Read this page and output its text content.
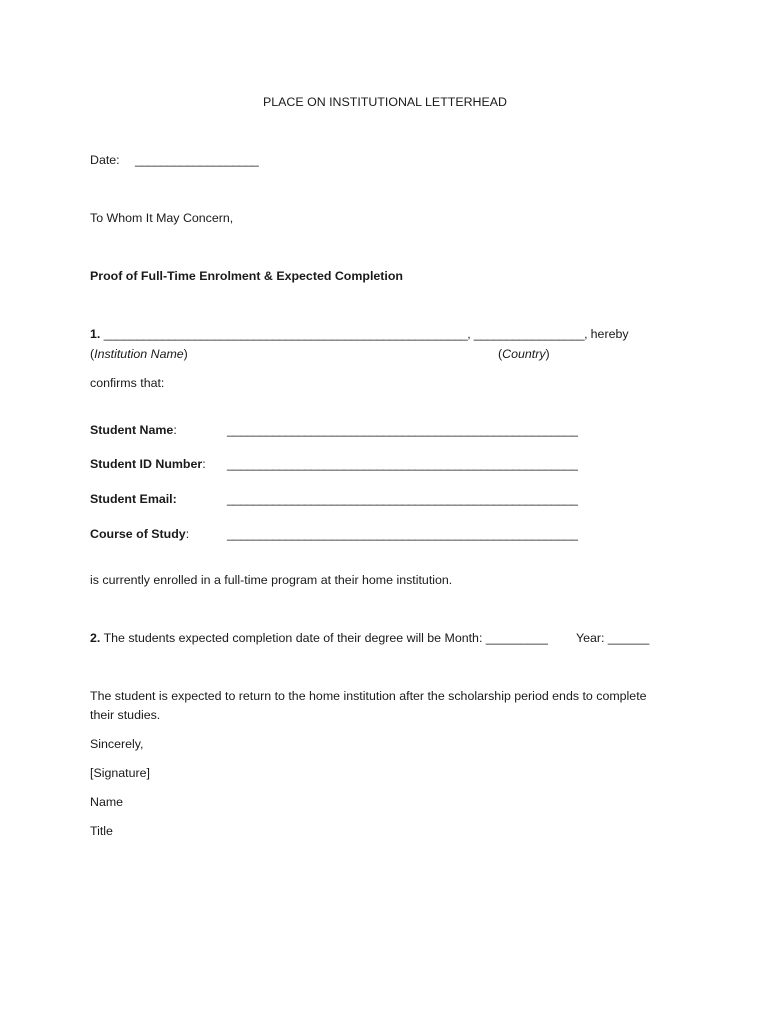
PLACE ON INSTITUTIONAL LETTERHEAD
Date: ___________________
To Whom It May Concern,
Proof of Full-Time Enrolment & Expected Completion
1. ________________________________________________________, _________________, hereby
(Institution Name)	(Country)
confirms that:
Student Name:	______________________________________________________
Student ID Number: ______________________________________________________
Student Email:	______________________________________________________
Course of Study:	______________________________________________________
is currently enrolled in a full-time program at their home institution.
2. The students expected completion date of their degree will be Month: _________ Year: ______
The student is expected to return to the home institution after the scholarship period ends to complete
their studies.
Sincerely,
[Signature]
Name
Title
